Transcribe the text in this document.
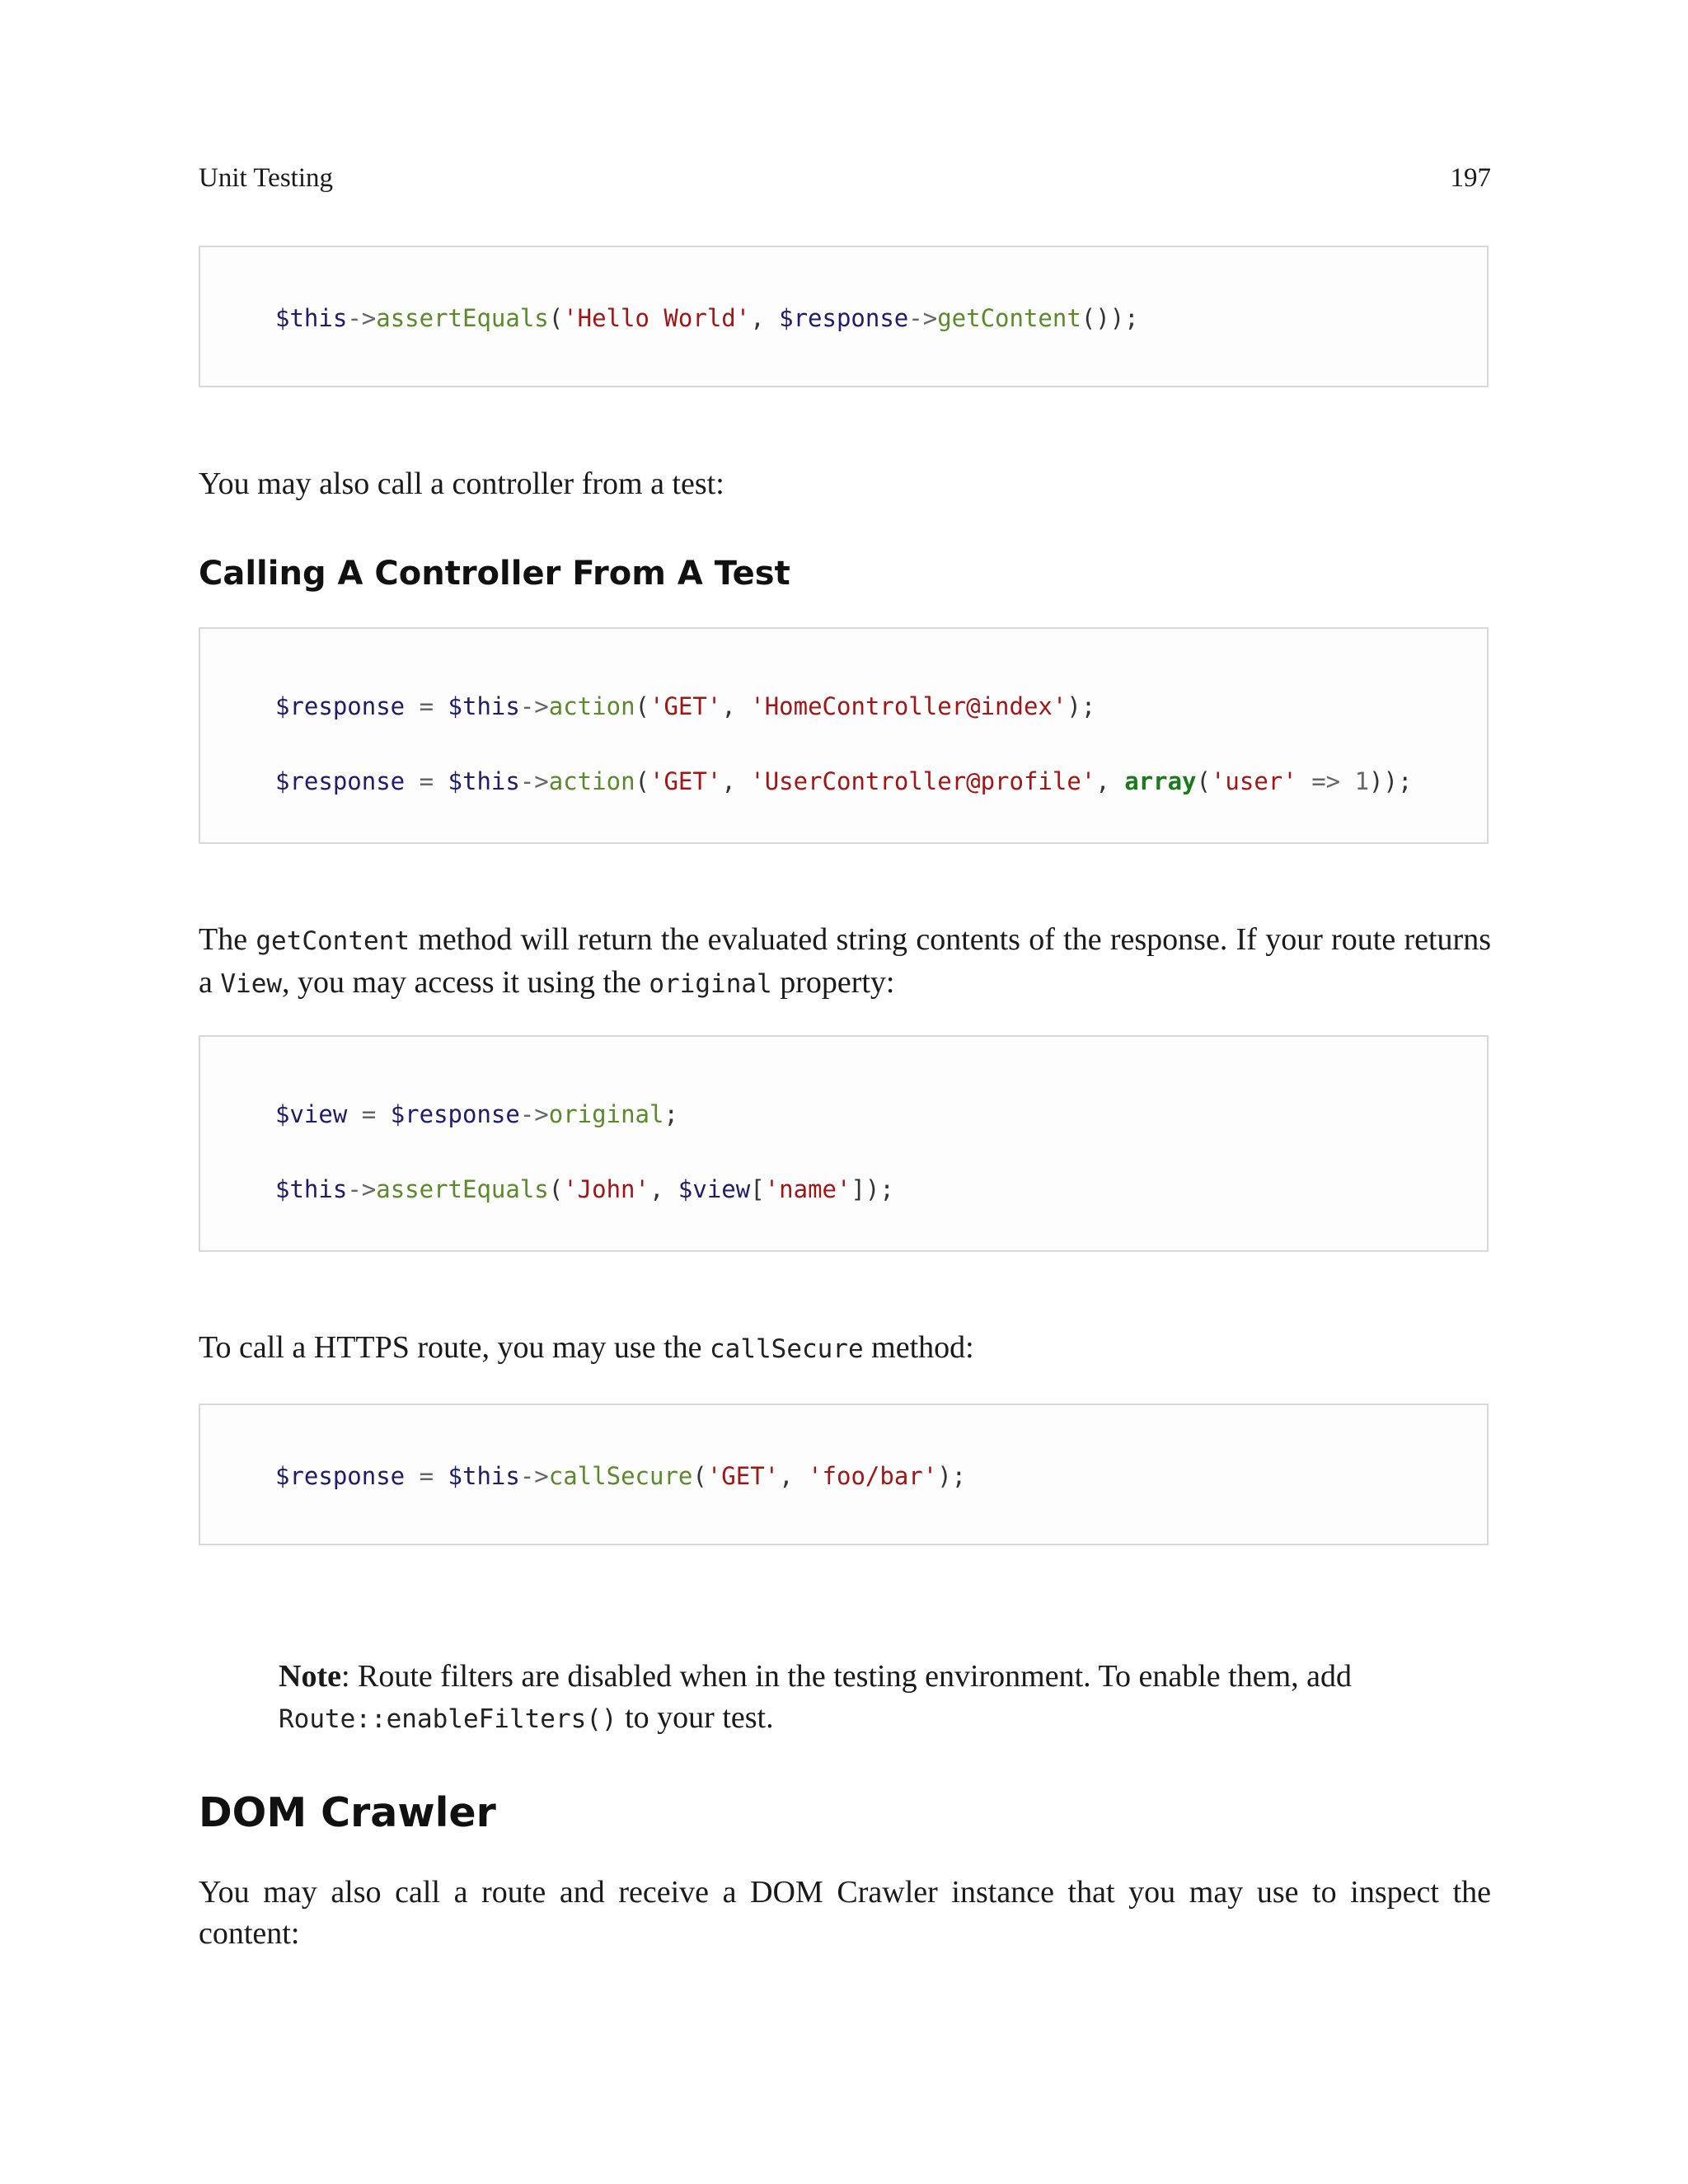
Unit Testing	197
$this->assertEquals('Hello World', $response->getContent());
You may also call a controller from a test:
Calling A Controller From A Test
$response = $this->action('GET', 'HomeController@index');
$response = $this->action('GET', 'UserController@profile', array('user' => 1));
The getContent method will return the evaluated string contents of the response. If your route returns a View, you may access it using the original property:
$view = $response->original;
$this->assertEquals('John', $view['name']);
To call a HTTPS route, you may use the callSecure method:
$response = $this->callSecure('GET', 'foo/bar');
Note: Route filters are disabled when in the testing environment. To enable them, add Route::enableFilters() to your test.
DOM Crawler
You may also call a route and receive a DOM Crawler instance that you may use to inspect the content:
